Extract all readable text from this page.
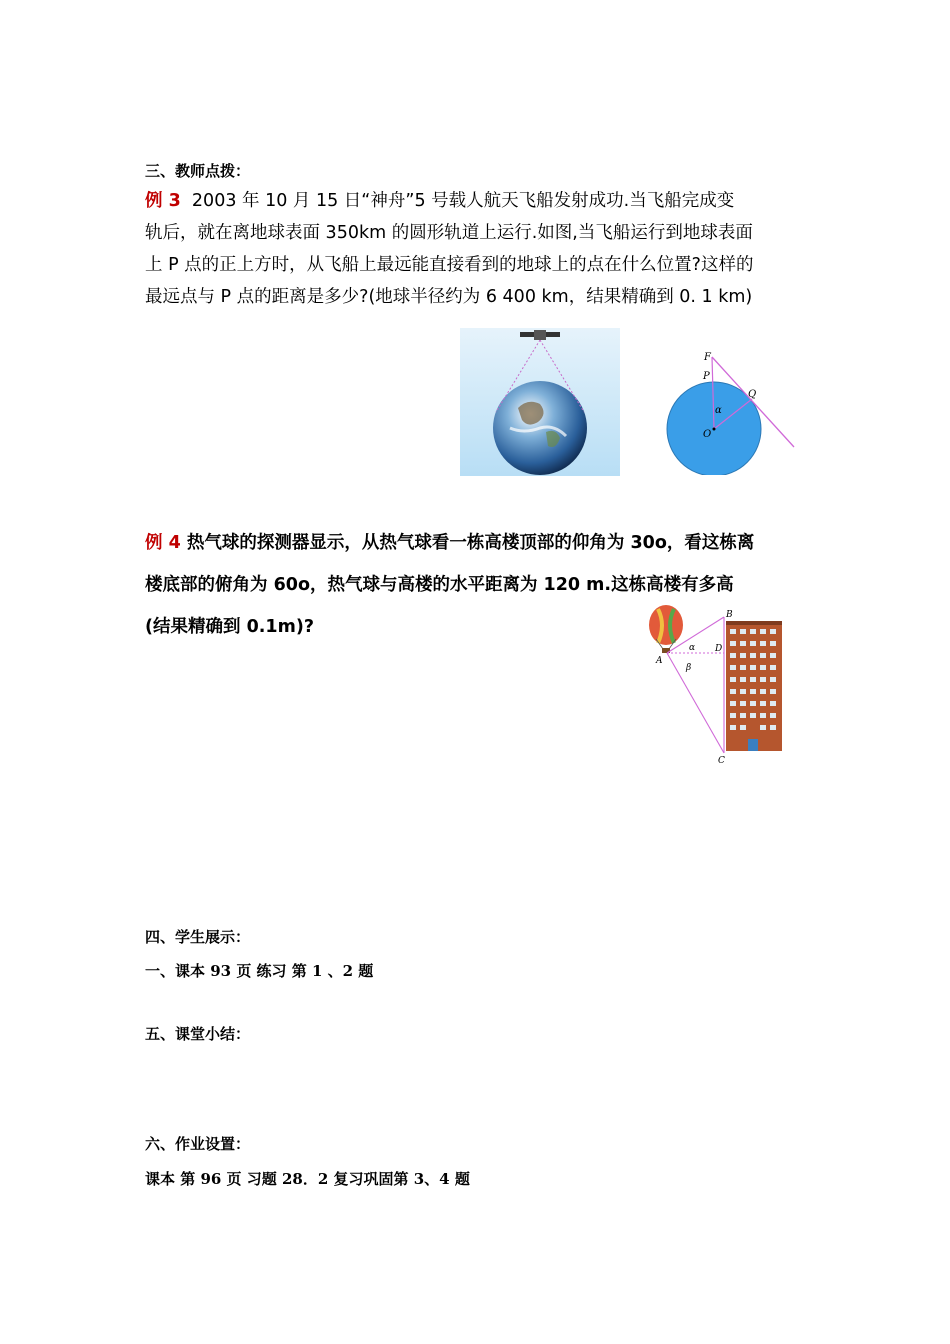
三、教师点拨：
例 3 2003 年 10 月 15 日“神舟”5 号载人航天飞船发射成功.当飞船完成变
轨后，就在离地球表面 350km 的圆形轨道上运行.如图,当飞船运行到地球表面
上 P 点的正上方时，从飞船上最远能直接看到的地球上的点在什么位置?这样的
最远点与 P 点的距离是多少?(地球半径约为 6 400 km，结果精确到 0. 1 km)
F
P
Q
O
α
例 4 热气球的探测器显示，从热气球看一栋高楼顶部的仰角为 30o，看这栋离
楼底部的俯角为 60o，热气球与高楼的水平距离为 120 m.这栋高楼有多高
(结果精确到 0.1m)?
B
D
A
C
α
β
四、学生展示：
一、课本 93 页 练习 第 1 、2 题
五、课堂小结：
六、作业设置：
课本 第 96 页 习题 28．2 复习巩固第 3、4 题
